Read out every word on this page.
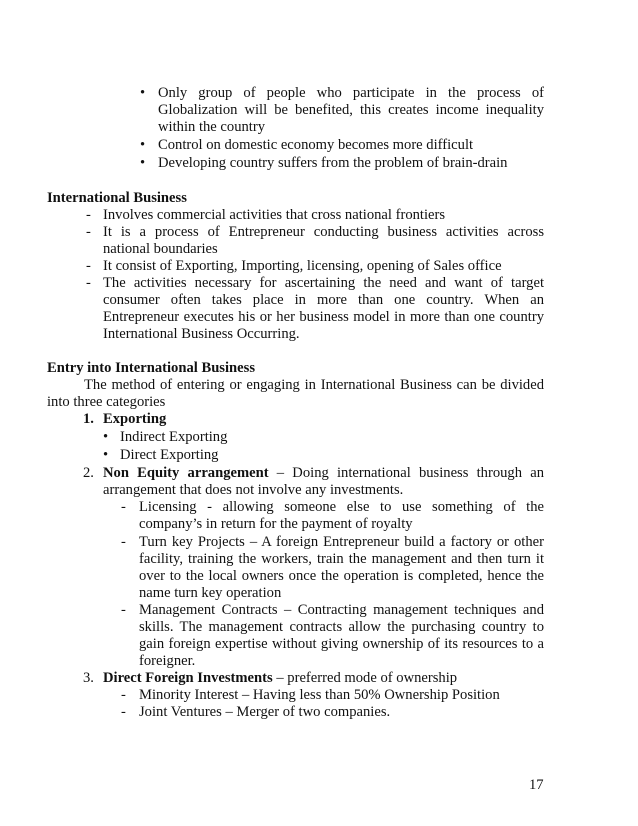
•
Only group of people who participate in the process of
Globalization will be benefited, this creates income inequality
within the country
•
Control on domestic economy becomes more difficult
•
Developing country suffers from the problem of brain-drain
International Business
- Involves commercial activities that cross national frontiers
- It is a process of Entrepreneur conducting business activities across
national boundaries
- It consist of Exporting, Importing, licensing, opening of Sales office
- The activities necessary for ascertaining the need and want of target
consumer often takes place in more than one country. When an
Entrepreneur executes his or her business model in more than one country
International Business Occurring.
Entry into International Business
The method of entering or engaging in International Business can be divided
into three categories
1. Exporting
•
Indirect Exporting
•
Direct Exporting
2. Non Equity arrangement – Doing international business through an
arrangement that does not involve any investments.
- Licensing - allowing someone else to use something of the
company’s in return for the payment of royalty
- Turn key Projects – A foreign Entrepreneur build a factory or other
facility, training the workers, train the management and then turn it
over to the local owners once the operation is completed, hence the
name turn key operation
- Management Contracts – Contracting management techniques and
skills. The management contracts allow the purchasing country to
gain foreign expertise without giving ownership of its resources to a
foreigner.
3. Direct Foreign Investments – preferred mode of ownership
- Minority Interest – Having less than 50% Ownership Position
- Joint Ventures – Merger of two companies.
17
